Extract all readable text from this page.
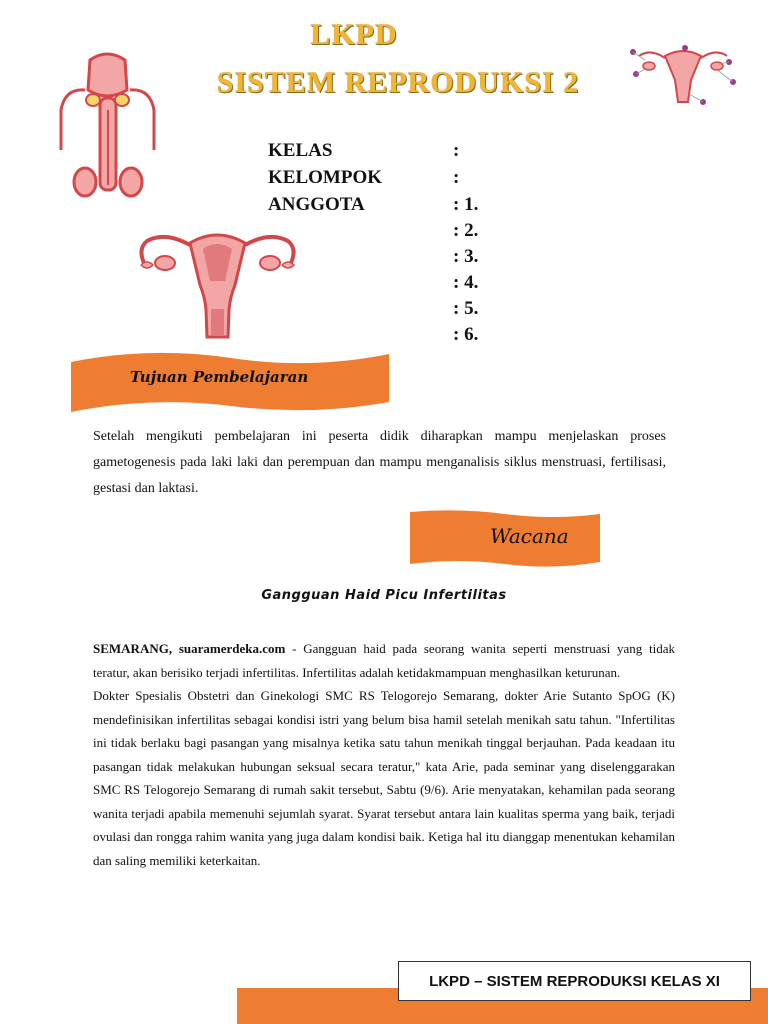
LKPD
SISTEM REPRODUKSI 2
KELAS	:
KELOMPOK	:
ANGGOTA	: 1.
: 2.
: 3.
: 4.
: 5.
: 6.
Tujuan Pembelajaran
Setelah mengikuti pembelajaran ini peserta didik diharapkan mampu menjelaskan proses gametogenesis pada laki laki dan perempuan dan mampu menganalisis siklus menstruasi, fertilisasi, gestasi dan laktasi.
Wacana
Gangguan Haid Picu Infertilitas
SEMARANG, suaramerdeka.com - Gangguan haid pada seorang wanita seperti menstruasi yang tidak teratur, akan berisiko terjadi infertilitas. Infertilitas adalah ketidakmampuan menghasilkan keturunan.
Dokter Spesialis Obstetri dan Ginekologi SMC RS Telogorejo Semarang, dokter Arie Sutanto SpOG (K) mendefinisikan infertilitas sebagai kondisi istri yang belum bisa hamil setelah menikah satu tahun. "Infertilitas ini tidak berlaku bagi pasangan yang misalnya ketika satu tahun menikah tinggal berjauhan. Pada keadaan itu pasangan tidak melakukan hubungan seksual secara teratur," kata Arie, pada seminar yang diselenggarakan SMC RS Telogorejo Semarang di rumah sakit tersebut, Sabtu (9/6). Arie menyatakan, kehamilan pada seorang wanita terjadi apabila memenuhi sejumlah syarat. Syarat tersebut antara lain kualitas sperma yang baik, terjadi ovulasi dan rongga rahim wanita yang juga dalam kondisi baik. Ketiga hal itu dianggap menentukan kehamilan dan saling memiliki keterkaitan.
LKPD – SISTEM REPRODUKSI KELAS XI
